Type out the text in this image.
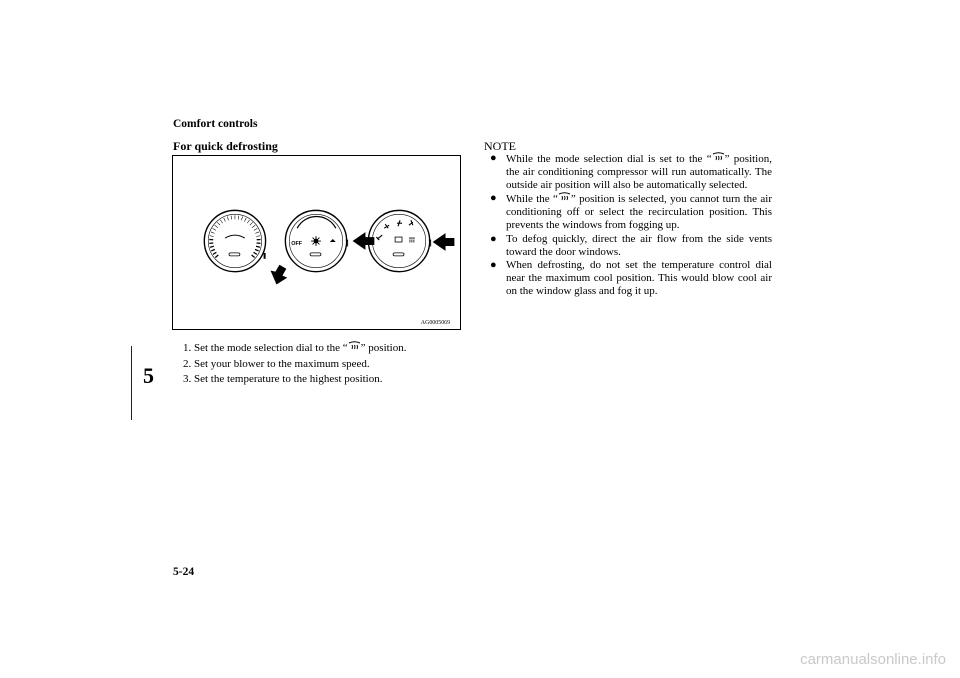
Comfort controls
For quick defrosting
5
OFF
AG0005069
1. Set the mode selection dial to the “ ” position.
2. Set your blower to the maximum speed.
3. Set the temperature to the highest position.
NOTE

● While the mode selection dial is set to the “ ” position, the air conditioning compressor will run automatically. The outside air position will also be automatically selected.

● While the “ ” position is selected, you cannot turn the air conditioning off or select the recirculation position. This prevents the windows from fogging up.

● To defog quickly, direct the air flow from the side vents toward the door windows.

● When defrosting, do not set the temperature control dial near the maximum cool position. This would blow cool air on the window glass and fog it up.

5-24
carmanualsonline.info
